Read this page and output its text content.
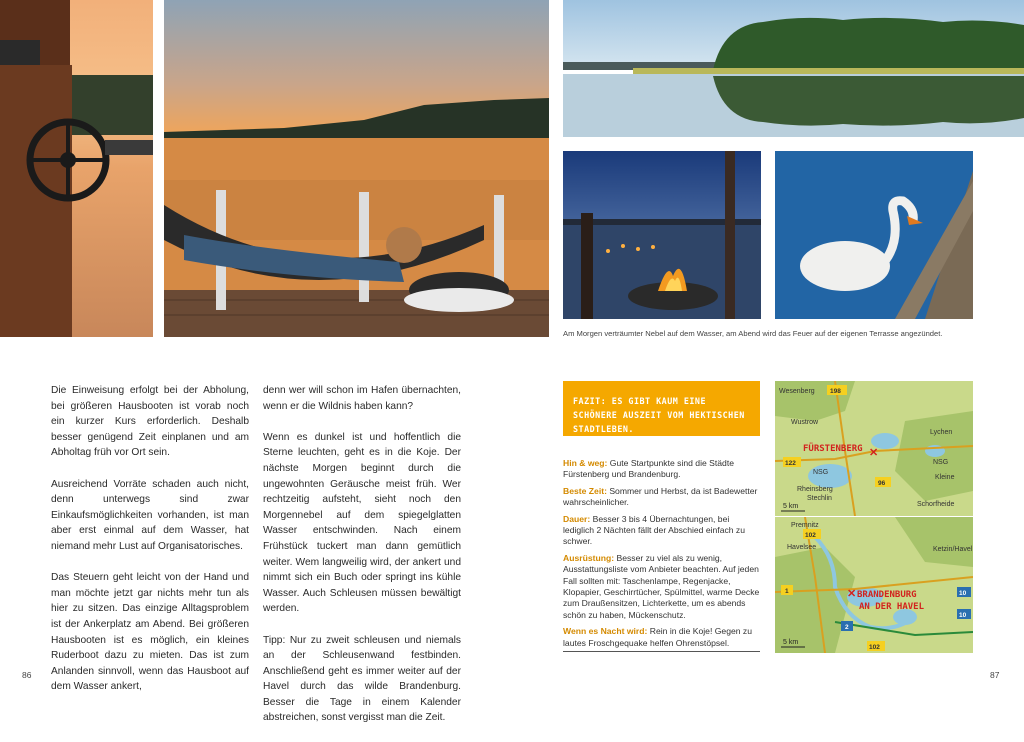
Am Morgen verträumter Nebel auf dem Wasser, am Abend wird das Feuer auf der eigenen Terrasse angezündet.

Die Einweisung erfolgt bei der Abholung, bei größeren Hausbooten ist vorab noch ein kurzer Kurs erforderlich. Deshalb besser genügend Zeit einplanen und am Abholtag früh vor Ort sein.

Ausreichend Vorräte schaden auch nicht, denn unterwegs sind zwar Einkaufsmöglichkeiten vorhanden, ist man aber erst einmal auf dem Wasser, hat niemand mehr Lust auf Organisatorisches.

Das Steuern geht leicht von der Hand und man möchte jetzt gar nichts mehr tun als hier zu sitzen. Das einzige Alltagsproblem ist der Ankerplatz am Abend. Bei größeren Hausbooten ist es möglich, ein kleines Ruderboot dazu zu mieten. Das ist zum Anlanden sinnvoll, wenn das Hausboot auf dem Wasser ankert,

denn wer will schon im Hafen übernachten, wenn er die Wildnis haben kann?

Wenn es dunkel ist und hoffentlich die Sterne leuchten, geht es in die Koje. Der nächste Morgen beginnt durch die ungewohnten Geräusche meist früh. Wer rechtzeitig aufsteht, sieht noch den Morgennebel auf dem spiegelglatten Wasser entschwinden. Nach einem Frühstück tuckert man dann gemütlich weiter. Wem langweilig wird, der ankert und nimmt sich ein Buch oder springt ins kühle Wasser. Auch Schleusen müssen bewältigt werden.

Tipp: Nur zu zweit schleusen und niemals an der Schleusenwand festbinden. Anschließend geht es immer weiter auf der Havel durch das wilde Brandenburg. Besser die Tage in einem Kalender abstreichen, sonst vergisst man die Zeit.

FAZIT: ES GIBT KAUM EINE SCHÖNERE AUSZEIT VOM HEKTISCHEN STADTLEBEN.
Hin & weg: Gute Startpunkte sind die Städte Fürstenberg und Brandenburg.
Beste Zeit: Sommer und Herbst, da ist Badewetter wahrscheinlicher.
Dauer: Besser 3 bis 4 Übernachtungen, bei lediglich 2 Nächten fällt der Abschied einfach zu schwer.
Ausrüstung: Besser zu viel als zu wenig, Ausstattungsliste vom Anbieter beachten. Auf jeden Fall sollten mit: Taschenlampe, Regenjacke, Klopapier, Geschirrtücher, Spülmittel, warme Decke zum Draußensitzen, Lichterkette, um es abends schön zu haben, Mückenschutz.
Wenn es Nacht wird: Rein in die Koje! Gegen zu lautes Froschgequake helfen Ohrenstöpsel.
Wesenberg
Wustrow
Lychen
Rheinsberg
Stechlin
NSG
NSG
Kleine
Schorfheide
FÜRSTENBERG ✕
198
122
96
5 km
Premnitz
Havelsee	Ketzin/Havel
BRANDENBURG
AN DER HAVEL
✕
102
1	10
2
102
10
5 km
86	87
